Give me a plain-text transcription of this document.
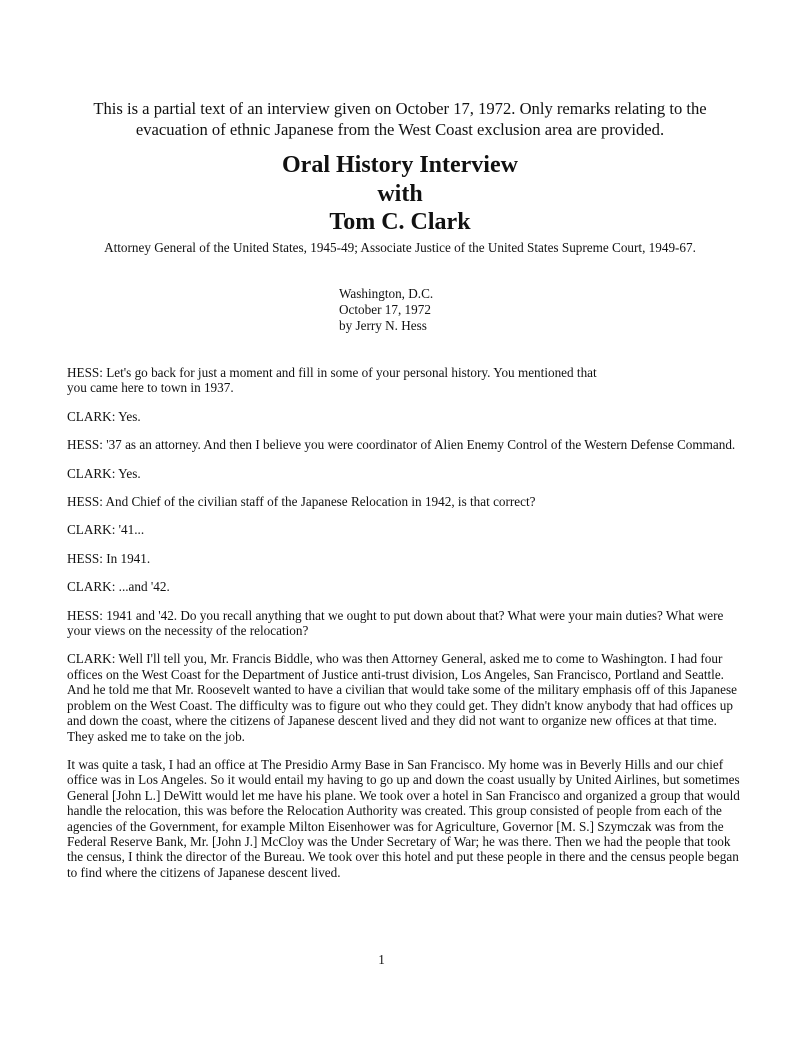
This is a partial text of an interview given on October 17, 1972. Only remarks relating to the evacuation of ethnic Japanese from the West Coast exclusion area are provided.
Oral History Interview
with
Tom C. Clark
Attorney General of the United States, 1945-49; Associate Justice of the United States Supreme Court, 1949-67.
Washington, D.C.
October 17, 1972
by Jerry N. Hess

HESS: Let's go back for just a moment and fill in some of your personal history. You mentioned that you came here to town in 1937.

CLARK: Yes.

HESS: '37 as an attorney. And then I believe you were coordinator of Alien Enemy Control of the Western Defense Command.

CLARK: Yes.

HESS: And Chief of the civilian staff of the Japanese Relocation in 1942, is that correct?

CLARK: '41...

HESS: In 1941.

CLARK: ...and '42.

HESS: 1941 and '42. Do you recall anything that we ought to put down about that? What were your main duties? What were your views on the necessity of the relocation?

CLARK: Well I'll tell you, Mr. Francis Biddle, who was then Attorney General, asked me to come to Washington. I had four offices on the West Coast for the Department of Justice anti-trust division, Los Angeles, San Francisco, Portland and Seattle. And he told me that Mr. Roosevelt wanted to have a civilian that would take some of the military emphasis off of this Japanese problem on the West Coast. The difficulty was to figure out who they could get. They didn't know anybody that had offices up and down the coast, where the citizens of Japanese descent lived and they did not want to organize new offices at that time. They asked me to take on the job.

It was quite a task, I had an office at The Presidio Army Base in San Francisco. My home was in Beverly Hills and our chief office was in Los Angeles. So it would entail my having to go up and down the coast usually by United Airlines, but sometimes General [John L.] DeWitt would let me have his plane. We took over a hotel in San Francisco and organized a group that would handle the relocation, this was before the Relocation Authority was created. This group consisted of people from each of the agencies of the Government, for example Milton Eisenhower was for Agriculture, Governor [M. S.] Szymczak was from the Federal Reserve Bank, Mr. [John J.] McCloy was the Under Secretary of War; he was there. Then we had the people that took the census, I think the director of the Bureau. We took over this hotel and put these people in there and the census people began to find where the citizens of Japanese descent lived.

1
